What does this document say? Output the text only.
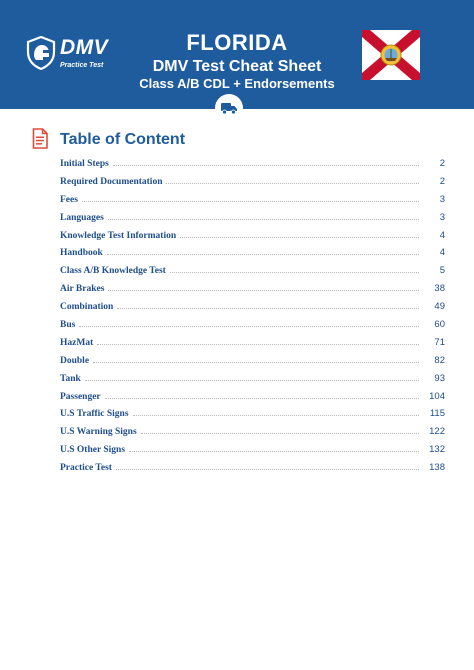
DMV
Practice Test
FLORIDA
DMV Test Cheat Sheet
Class A/B CDL + Endorsements
Table of Content
Initial Steps	2
Required Documentation	2
Fees	3
Languages	3
Knowledge Test Information	4
Handbook	4
Class A/B Knowledge Test	5
Air Brakes	38
Combination	49
Bus	60
HazMat	71
Double	82
Tank	93
Passenger	104
U.S Traffic Signs	115
U.S Warning Signs	122
U.S Other Signs	132
Practice Test	138
